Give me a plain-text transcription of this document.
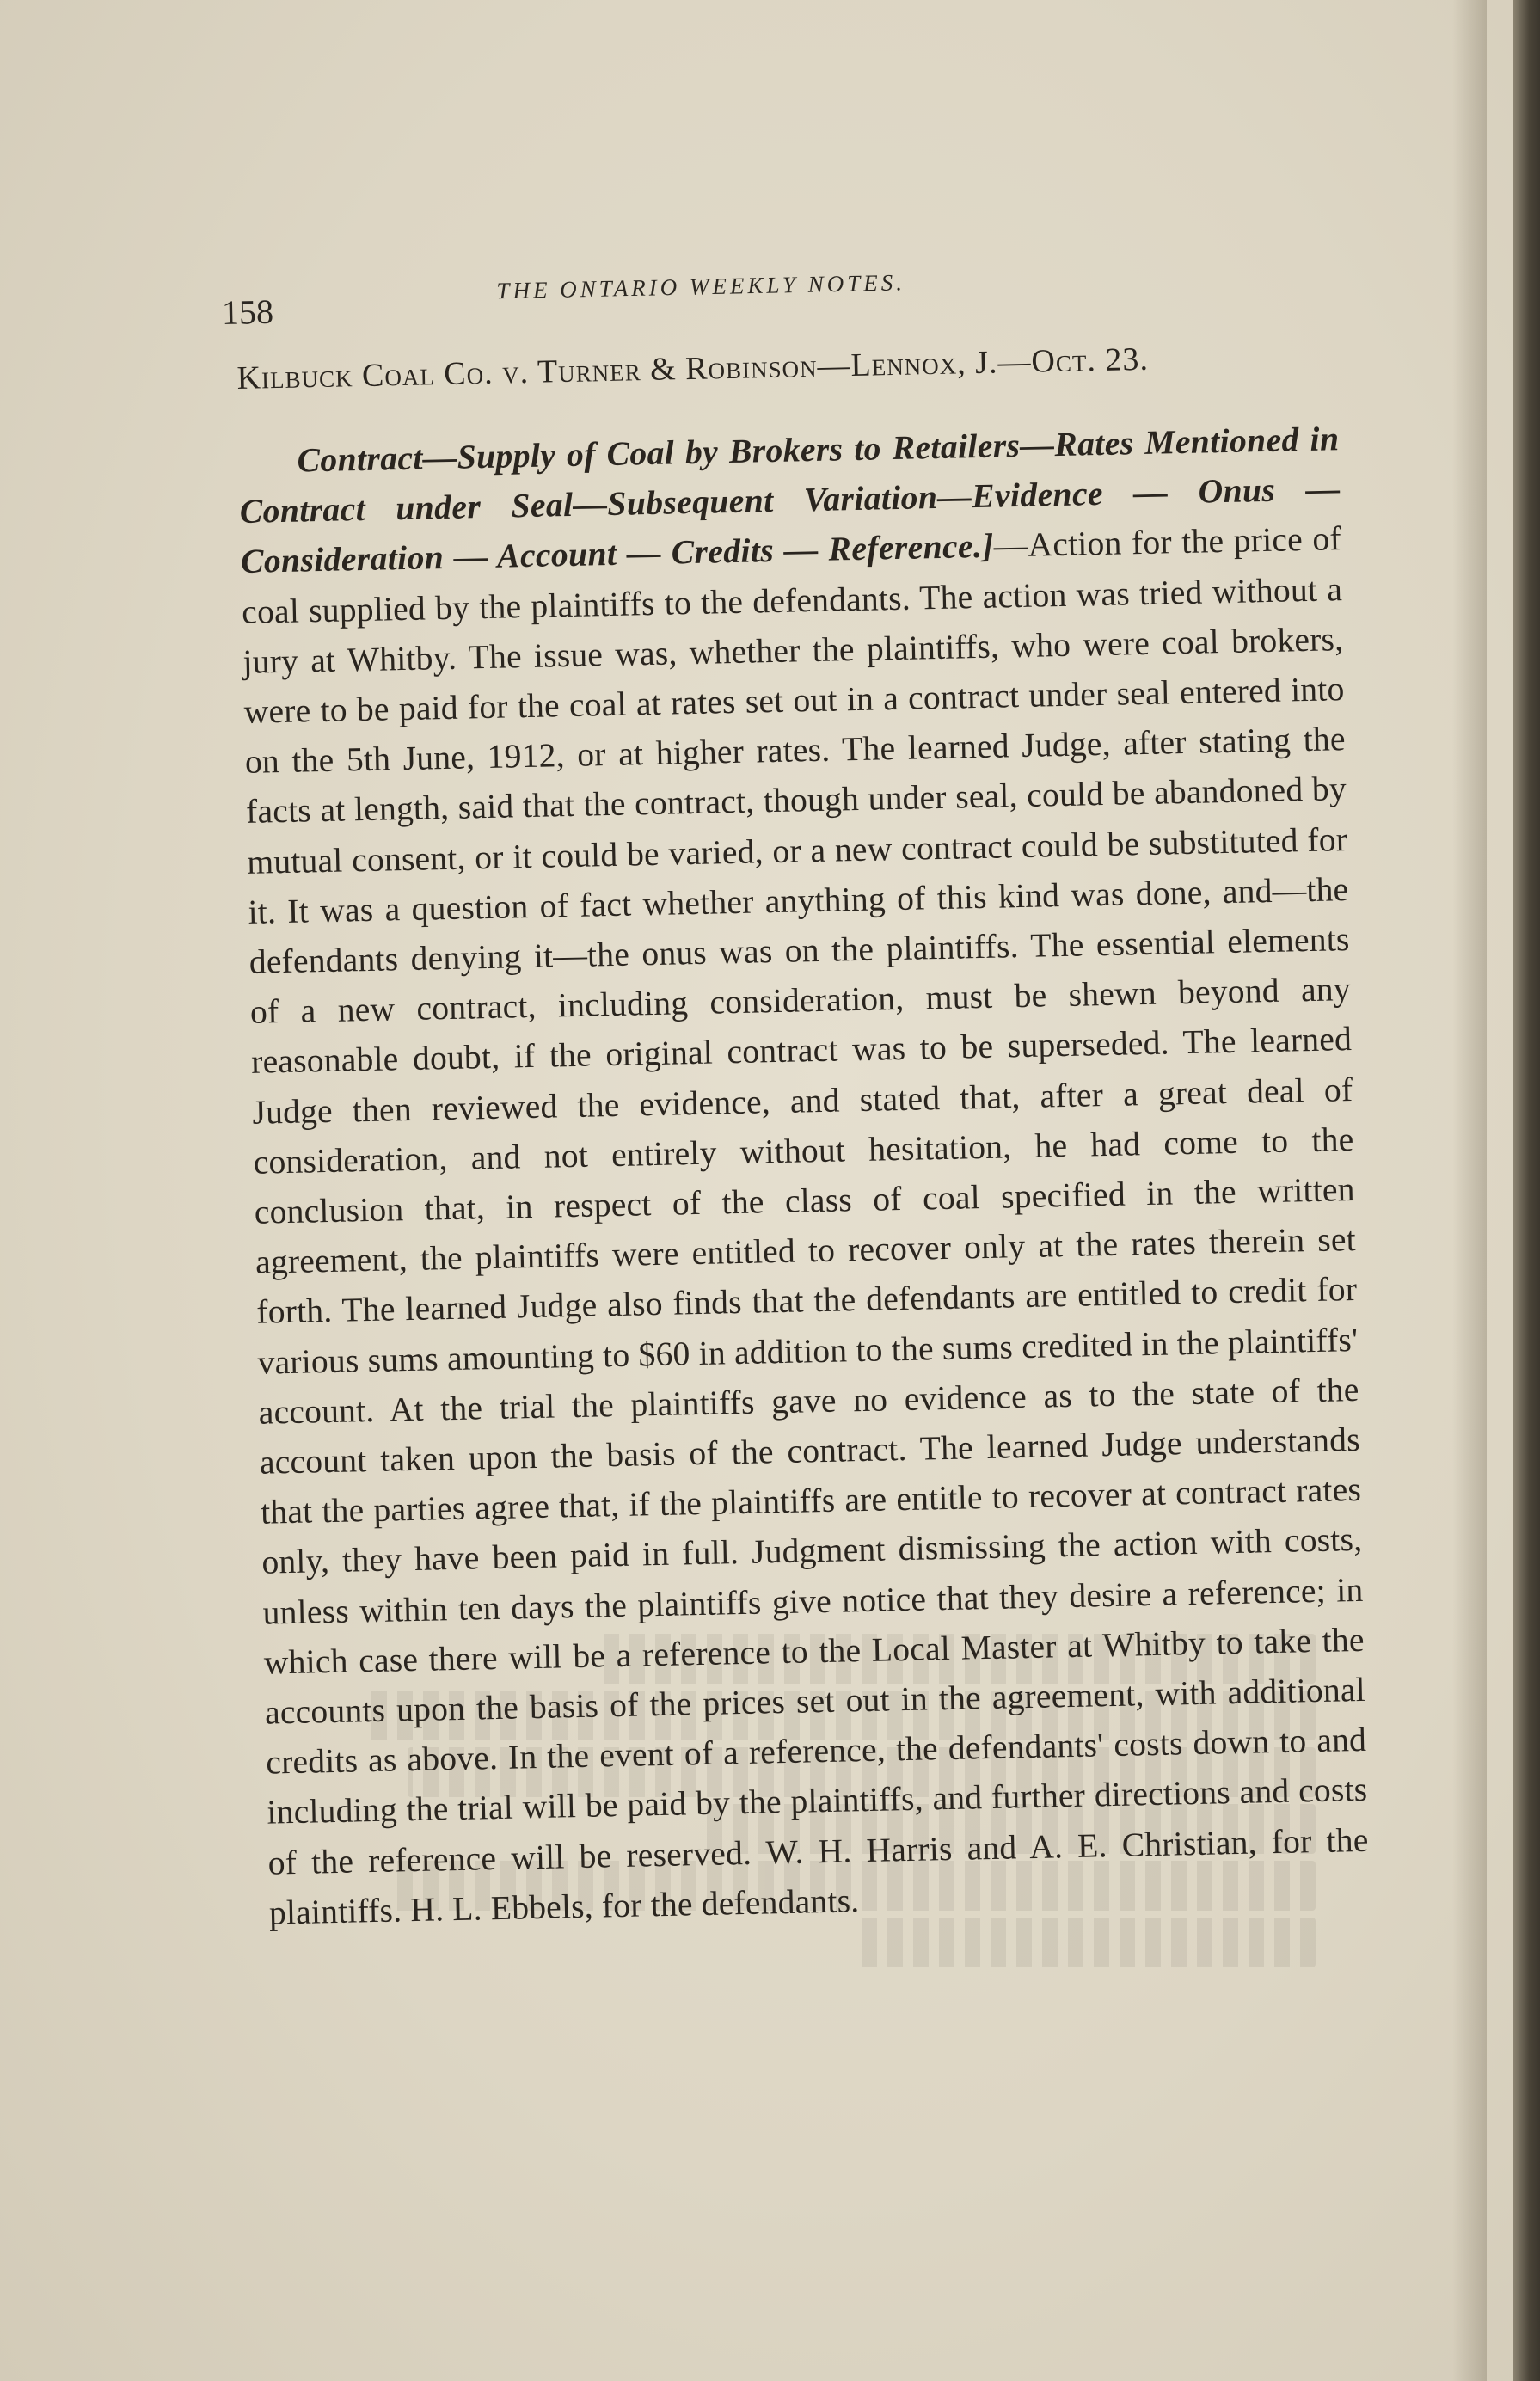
158
THE ONTARIO WEEKLY NOTES.
Kilbuck Coal Co. v. Turner & Robinson—Lennox, J.—Oct. 23.

Contract—Supply of Coal by Brokers to Retailers—Rates Mentioned in Contract under Seal—Subsequent Variation—Evidence — Onus — Consideration — Account — Credits — Reference.]—Action for the price of coal supplied by the plaintiffs to the defendants. The action was tried without a jury at Whitby. The issue was, whether the plaintiffs, who were coal brokers, were to be paid for the coal at rates set out in a contract under seal entered into on the 5th June, 1912, or at higher rates. The learned Judge, after stating the facts at length, said that the contract, though under seal, could be abandoned by mutual consent, or it could be varied, or a new contract could be substituted for it. It was a question of fact whether anything of this kind was done, and—the defendants denying it—the onus was on the plaintiffs. The essential elements of a new contract, including consideration, must be shewn beyond any reasonable doubt, if the original contract was to be superseded. The learned Judge then reviewed the evidence, and stated that, after a great deal of consideration, and not entirely without hesitation, he had come to the conclusion that, in respect of the class of coal specified in the written agreement, the plaintiffs were entitled to recover only at the rates therein set forth. The learned Judge also finds that the defendants are entitled to credit for various sums amounting to $60 in addition to the sums credited in the plaintiffs' account. At the trial the plaintiffs gave no evidence as to the state of the account taken upon the basis of the contract. The learned Judge understands that the parties agree that, if the plaintiffs are entitle to recover at contract rates only, they have been paid in full. Judgment dismissing the action with costs, unless within ten days the plaintiffs give notice that they desire a reference; in which case there will be a reference to the Local Master at Whitby to take the accounts upon the basis of the prices set out in the agreement, with additional credits as above. In the event of a reference, the defendants' costs down to and including the trial will be paid by the plaintiffs, and further directions and costs of the reference will be reserved. W. H. Harris and A. E. Christian, for the plaintiffs. H. L. Ebbels, for the defendants.
